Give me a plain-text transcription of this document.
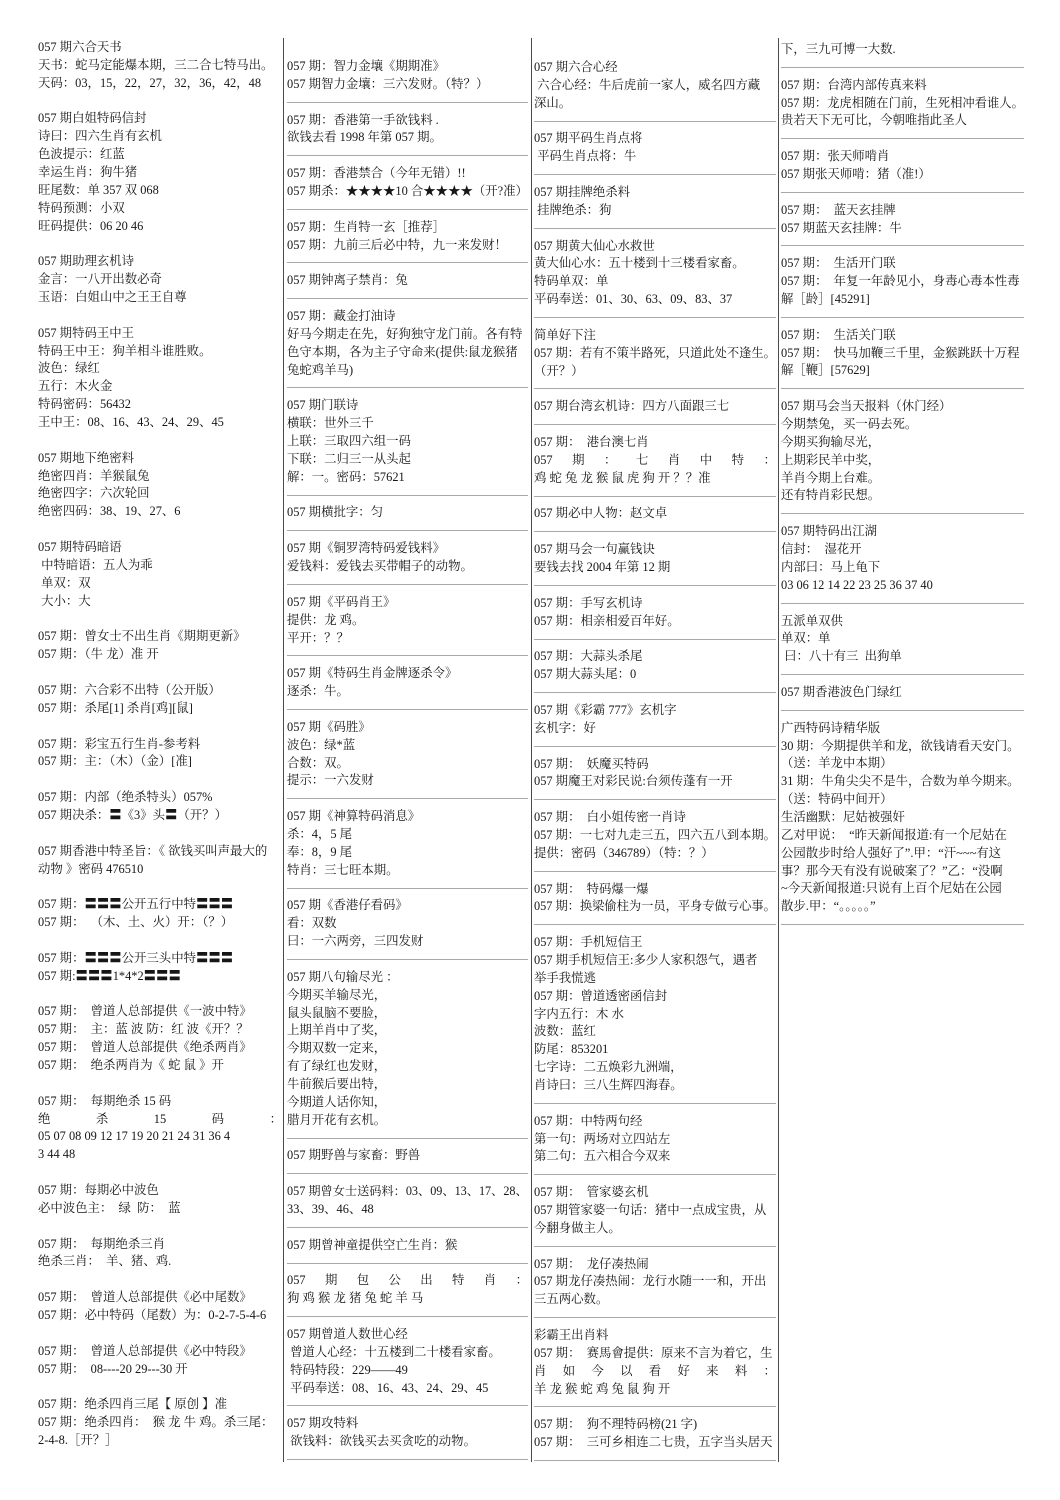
057 期六合天书
天书：蛇马定能爆本期，三二合七特马出。
天码：03，15，22，27，32，36，42，48
057 期白姐特码信封
诗曰：四六生肖有玄机
色波提示：红蓝
幸运生肖：狗牛猪
旺尾数：单 357 双 068
特码预测：小双
旺码提供：06 20 46
057 期助理玄机诗
金言：一八开出数必奇
玉语：白姐山中之王王自尊
057 期特码王中王
特码王中王：狗羊相斗谁胜败。
波色：绿红
五行：木火金
特码密码：56432
王中王：08、16、43、24、29、45
057 期地下绝密料
绝密四肖：羊猴鼠兔
绝密四字：六次轮回
绝密四码：38、19、27、6
057 期特码暗语
中特暗语：五人为乖
单双：双
大小：大
057 期：曾女士不出生肖《期期更新》
057 期：（牛 龙）准 开
057 期：六合彩不出特（公开版）
057 期：杀尾[1] 杀肖[鸡][鼠]
057 期：彩宝五行生肖-参考料
057 期：主：（木）（金）[准]
057 期：内部（绝杀特头）057%
057 期决杀：〓《3》头〓（开？）
057 期香港中特圣旨：《 欲钱买叫声最大的
动物 》密码 476510
057 期：〓〓〓公开五行中特〓〓〓
057 期：  （木、土、火）开：（？）
057 期：〓〓〓公开三头中特〓〓〓
057 期:〓〓〓1*4*2〓〓〓
057 期：  曾道人总部提供《一波中特》
057 期：  主：蓝 波 防：红 波《开？？
057 期：  曾道人总部提供《绝杀两肖》
057 期：  绝杀两肖为《 蛇 鼠 》开
057 期：  每期绝杀 15 码
绝	杀	15	码	：
05 07 08 09 12 17 19 20 21 24 31 36 4
3 44 48
057 期：每期必中波色
必中波色主：  绿  防：  蓝
057 期：  每期绝杀三肖
绝杀三肖：  羊、猪、鸡.
057 期：  曾道人总部提供《必中尾数》
057 期：必中特码（尾数）为：0-2-7-5-4-6
057 期：  曾道人总部提供《必中特段》
057 期：  08----20 29---30 开
057 期：绝杀四肖三尾【 原创 】准
057 期：绝杀四肖：  猴 龙 牛 鸡。杀三尾：
2-4-8.［开？］
057 期：智力金壤《期期准》
057 期智力金壤：三六发财。（特？）
057 期：香港第一手欲钱料 .
欲钱去看 1998 年第 057 期。
057 期：香港禁合（今年无错）!!
057 期杀：★★★★10 合★★★★（开?准）
057 期：生肖特一玄［推荐］
057 期：九前三后必中特，九一来发财！
057 期钟离子禁肖：兔
057 期：藏金打油诗
好马今期走在先，好狗独守龙门前。各有特
色守本期，各为主子守命来(提供:鼠龙猴猪
兔蛇鸡羊马)
057 期门联诗
横联：世外三千
上联：三取四六组一码
下联：二归三一从头起
解：一。密码：57621
057 期横批字：匀
057 期《铜罗湾特码爱钱料》
爱钱料：爱钱去买带帽子的动物。
057 期《平码肖王》
提供：龙 鸡。
平开：？？
057 期《特码生肖金牌逐杀令》
逐杀：牛。
057 期《码胜》
波色：绿*蓝
合数：双。
提示：一六发财
057 期《神算特码消息》
杀：4，5 尾
奉：8，9 尾
特肖：三七旺本期。
057 期《香港仔看码》
看：双数
曰：一六两旁，三四发财
057 期八句输尽光 ：
今期买羊输尽光，
鼠头鼠脑不要脸，
上期羊肖中了奖，
今期双数一定来，
有了绿红也发财，
牛前猴后要出特，
今期道人话你知，
腊月开花有玄机。
057 期野兽与家畜：野兽
057 期曾女士送码料：03、09、13、17、28、
33、39、46、48
057 期曾神童提供空亡生肖：猴
057 期 包 公 出 特 肖 ：
狗 鸡 猴 龙 猪 兔 蛇 羊 马
057 期曾道人数世心经
曾道人心经：十五楼到二十楼看家畜。
特码特段：229——49
平码奉送：08、16、43、24、29、45
057 期攻特料
欲钱料：欲钱买去买贪吃的动物。
057 期六合心经
六合心经：牛后虎前一家人，威名四方藏
深山。
057 期平码生肖点将
平码生肖点将：牛
057 期挂牌绝杀料
挂牌绝杀：狗
057 期黄大仙心水救世
黄大仙心水：五十楼到十三楼看家畜。
特码单双：单
平码奉送：01、30、63、09、83、37
简单好下注
057 期：若有不策半路死，只道此处不逢生。
（开？）
057 期台湾玄机诗：四方八面跟三七
057 期：  港台澳七肖
057 期 ： 七 肖 中 特 ：
鸡 蛇 兔 龙 猴 鼠 虎 狗 开 ？？准
057 期必中人物：赵文卓
057 期马会一句赢钱诀
要钱去找 2004 年第 12 期
057 期：手写玄机诗
057 期：相亲相爱百年好。
057 期：大蒜头杀尾
057 期大蒜头尾：0
057 期《彩霸 777》玄机字
玄机字：好
057 期：  妖魔买特码
057 期魔王对彩民说:台须传蓬有一开
057 期：  白小姐传密一肖诗
057 期：一七对九走三五，四六五八到本期。
提供：密码（346789）（特：？）
057 期：  特码爆一爆
057 期：换梁偷柱为一员，平身专做亏心事。
057 期：手机短信王
057 期手机短信王:多少人家积怨气，遇者
举手我慌逃
057 期：曾道透密函信封
字内五行：木 水
波数：蓝红
防尾：853201
七字诗：二五焕彩九洲端，
肖诗曰：三八生辉四海春。
057 期：中特两句经
第一句：两场对立四站左
第二句：五六相合今双来
057 期：  管家婆玄机
057 期管家婆一句话：猪中一点成宝贵，从
今翻身做主人。
057 期：  龙仔凑热闹
057 期龙仔凑热闹：龙行水随一一和，开出
三五两心数。
彩霸王出肖料
057 期：  赛馬會提供：原来不言为着它，生
肖 如 今 以 看 好 来 料 ：
羊 龙 猴 蛇 鸡 兔 鼠 狗 开
057 期：  狗不理特码榜(21 字)
057 期：  三可乡相连二七贵，五字当头居天
下，三九可博一大数.
057 期：台湾内部传真来料
057 期：龙虎相随在门前，生死相冲看谁人。
贵若天下无可比，今朝唯指此圣人
057 期：张天师啃肖
057 期张天师啃：猪（准!）
057 期：  蓝天玄挂牌
057 期蓝天玄挂牌：牛
057 期：  生活开门联
057 期：  年复一年龄见小，身毒心毒本性毒
解［龄］[45291]
057 期：  生活关门联
057 期：  快马加鞭三千里，金猴跳跃十万程
解［鞭］[57629]
057 期马会当天报料（休门经）
今期禁兔，买一码去死。
今期买狗输尽光，
上期彩民羊中奖，
羊肖今期上台难。
还有特肖彩民想。
057 期特码出江湖
信封：  湿花开
内部曰：马上龟下
03 06 12 14 22 23 25 36 37 40
五派单双供
单双：单
曰：八十有三  出狗单
057 期香港波色门绿红
广西特码诗精华版
30 期：今期提供羊和龙，欲钱请看天安门。
（送：羊龙中本期）
31 期：牛角尖尖不是牛，合数为单今期来。
（送：特码中间开）
生活幽默：尼姑被强奸
乙对甲说：  “昨天新闻报道:有一个尼姑在
公园散步时给人强好了”.甲：“汗~~~有这
事？那今天有没有说破案了？”乙：“没啊
~今天新闻报道:只说有上百个尼姑在公园
散步.甲：“。。。。。”
